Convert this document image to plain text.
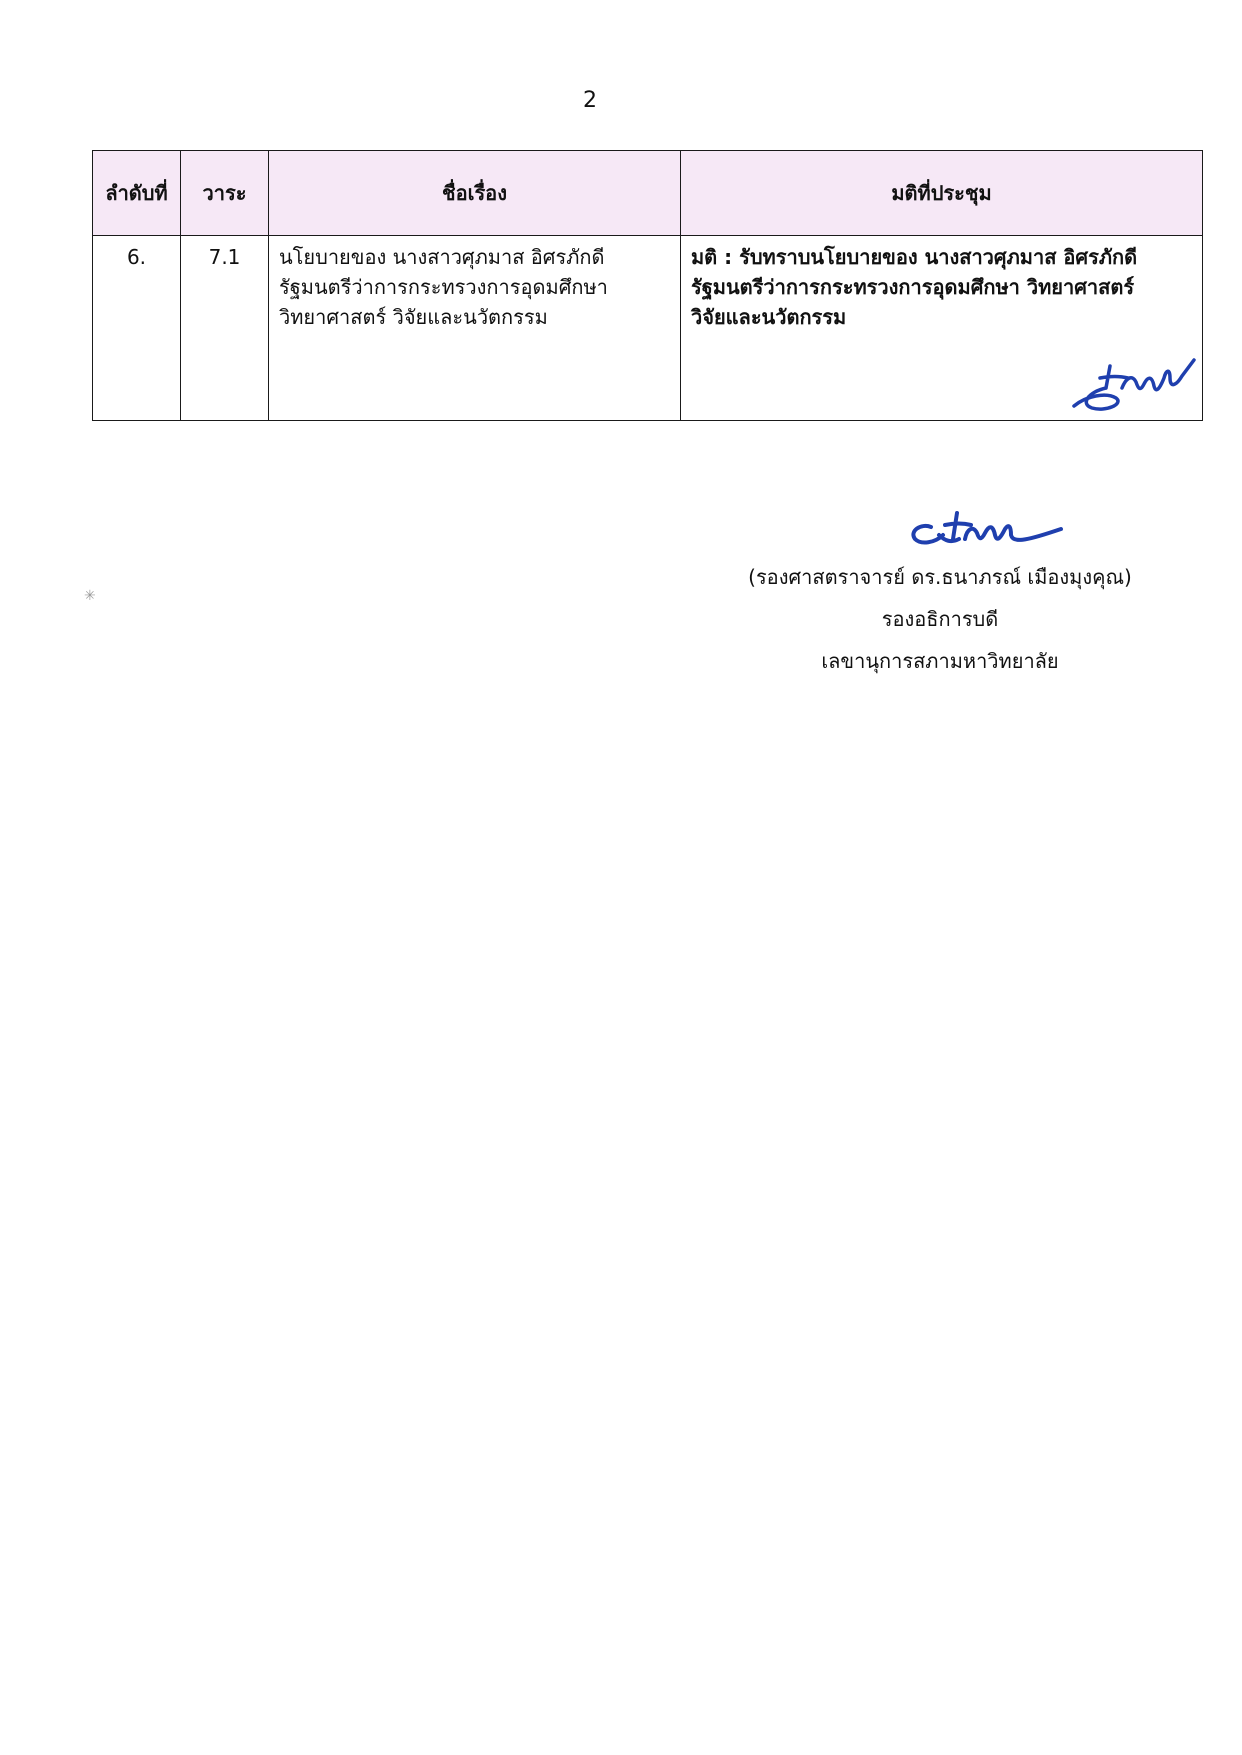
2
ลำดับที่	วาระ	ชื่อเรื่อง	มติที่ประชุม
6.	7.1	นโยบายของ นางสาวศุภมาส อิศรภักดี
รัฐมนตรีว่าการกระทรวงการอุดมศึกษา
วิทยาศาสตร์ วิจัยและนวัตกรรม	มติ : รับทราบนโยบายของ นางสาวศุภมาส อิศรภักดี
รัฐมนตรีว่าการกระทรวงการอุดมศึกษา วิทยาศาสตร์
วิจัยและนวัตกรรม
(รองศาสตราจารย์ ดร.ธนาภรณ์ เมืองมุงคุณ)
รองอธิการบดี
เลขานุการสภามหาวิทยาลัย
✳
